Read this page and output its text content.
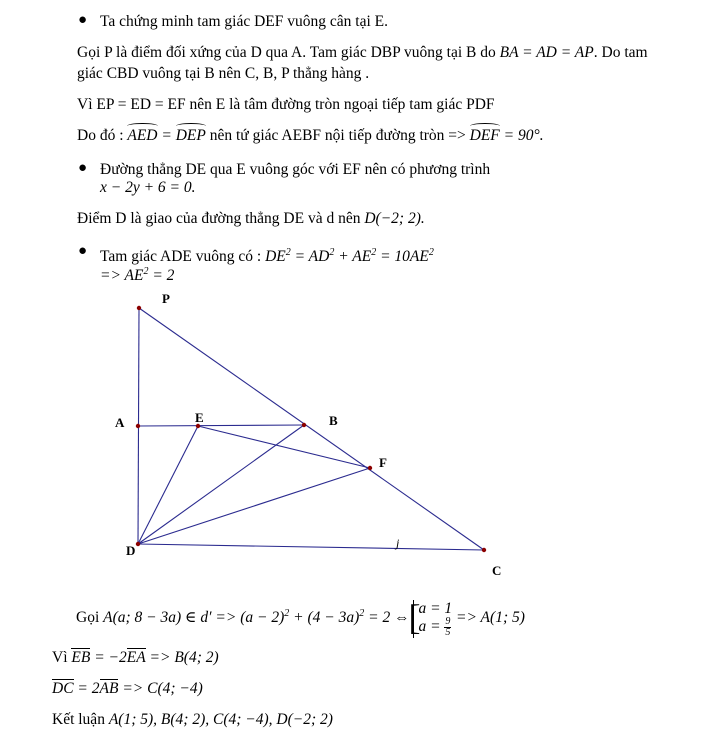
● Ta chứng minh tam giác DEF vuông cân tại E.
Gọi P là điểm đối xứng của D qua A. Tam giác DBP vuông tại B do BA = AD = AP. Do tam
giác CBD vuông tại B nên C, B, P thẳng hàng .
Vì EP = ED = EF nên E là tâm đường tròn ngoại tiếp tam giác PDF
Do đó : AED = DEP nên tứ giác AEBF nội tiếp đường tròn => DEF = 90°.
● Đường thẳng DE qua E vuông góc với EF nên có phương trình
x − 2y + 6 = 0.
Điểm D là giao của đường thẳng DE và d nên D(−2; 2).
● Tam giác ADE vuông có : $DE^2 = AD^2 + AE^2 = 10AE^2$
=> $AE^2 = 2$
P
A	E	B
F
D
C
j
Gọi A(a; 8 − 3a) ∈ $d' => (a - 2)^2 + (4 - 3a)^2 = 2$ ⇔
[
a = 1
$a = \frac{9}{5} => A(1$; 5)
Vì EB = −2EA => B(4; 2)
DC = 2AB => C(4; −4)
Kết luận A(1; 5), B(4; 2), C(4; −4), D(−2; 2)
